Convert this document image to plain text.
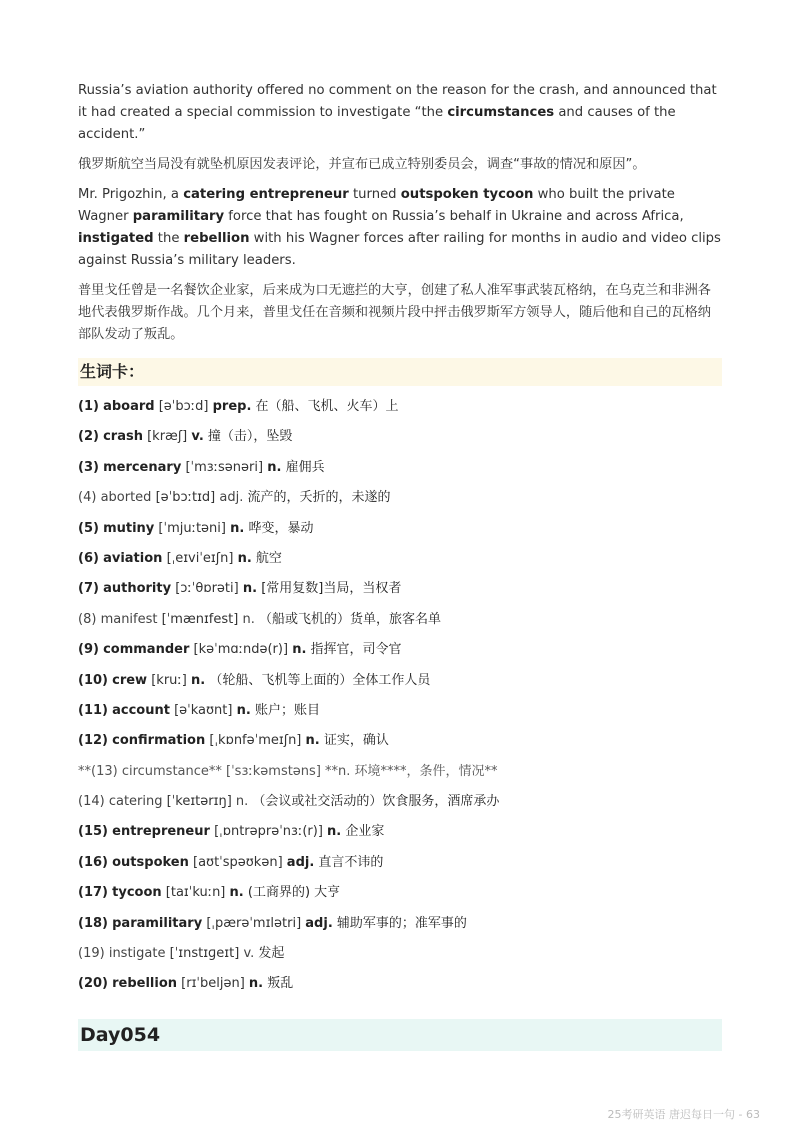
Russia’s aviation authority offered no comment on the reason for the crash, and announced that it had created a special commission to investigate “the circumstances and causes of the accident.”

俄罗斯航空当局没有就坠机原因发表评论，并宣布已成立特别委员会，调查“事故的情况和原因”。

Mr. Prigozhin, a catering entrepreneur turned outspoken tycoon who built the private Wagner paramilitary force that has fought on Russia’s behalf in Ukraine and across Africa, instigated the rebellion with his Wagner forces after railing for months in audio and video clips against Russia’s military leaders.

普里戈任曾是一名餐饮企业家，后来成为口无遮拦的大亨，创建了私人准军事武装瓦格纳，在乌克兰和非洲各地代表俄罗斯作战。几个月来，普里戈任在音频和视频片段中抨击俄罗斯军方领导人，随后他和自己的瓦格纳部队发动了叛乱。

生词卡：
(1) aboard [əˈbɔːd] prep. 在（船、飞机、火车）上
(2) crash [kræʃ] v. 撞（击），坠毁
(3) mercenary [ˈmɜːsənəri] n. 雇佣兵
(4) aborted [əˈbɔːtɪd] adj. 流产的，夭折的，未遂的
(5) mutiny [ˈmjuːtəni] n. 哗变，暴动
(6) aviation [ˌeɪviˈeɪʃn] n. 航空
(7) authority [ɔːˈθɒrəti] n. [常用复数]当局，当权者
(8) manifest [ˈmænɪfest] n. （船或飞机的）货单，旅客名单
(9) commander [kəˈmɑːndə(r)] n. 指挥官，司令官
(10) crew [kruː] n. （轮船、飞机等上面的）全体工作人员
(11) account [əˈkaʊnt] n. 账户；账目
(12) confirmation [ˌkɒnfəˈmeɪʃn] n. 证实，确认
**(13) circumstance** [ˈsɜːkəmstəns] **n. 环境****，条件，情况**
(14) catering [ˈkeɪtərɪŋ] n. （会议或社交活动的）饮食服务，酒席承办
(15) entrepreneur [ˌɒntrəprəˈnɜː(r)] n. 企业家
(16) outspoken [aʊtˈspəʊkən] adj. 直言不讳的
(17) tycoon [taɪˈkuːn] n. (工商界的) 大亨
(18) paramilitary [ˌpærəˈmɪlətri] adj. 辅助军事的；准军事的
(19) instigate [ˈɪnstɪɡeɪt] v. 发起
(20) rebellion [rɪˈbeljən] n. 叛乱
Day054
25考研英语 唐迟每日一句 - 63
